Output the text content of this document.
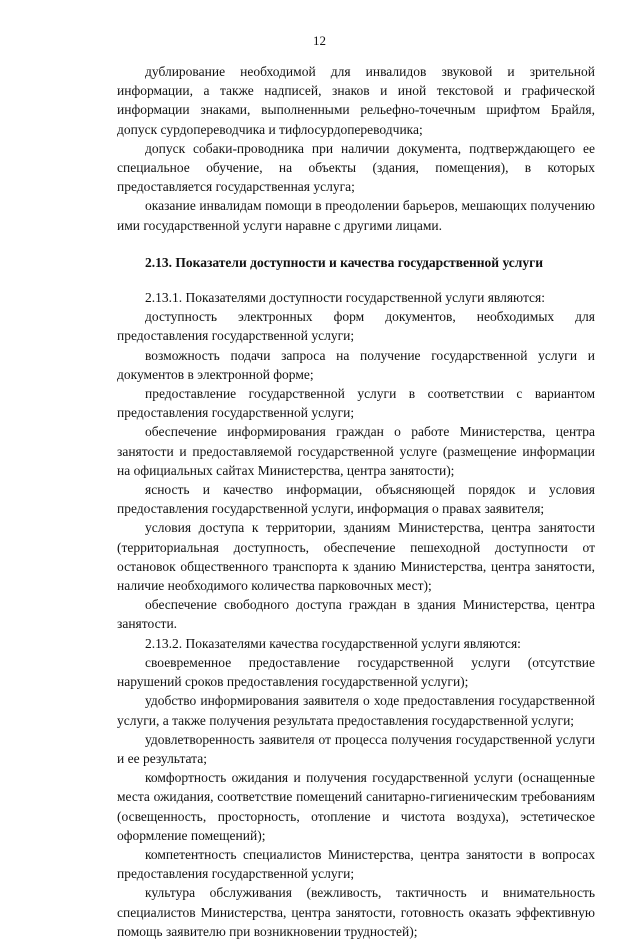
12

дублирование необходимой для инвалидов звуковой и зрительной информации, а также надписей, знаков и иной текстовой и графической информации знаками, выполненными рельефно-точечным шрифтом Брайля, допуск сурдопереводчика и тифлосурдопереводчика;

допуск собаки-проводника при наличии документа, подтверждающего ее специальное обучение, на объекты (здания, помещения), в которых предоставляется государственная услуга;

оказание инвалидам помощи в преодолении барьеров, мешающих получению ими государственной услуги наравне с другими лицами.

2.13. Показатели доступности и качества государственной услуги

2.13.1. Показателями доступности государственной услуги являются:

доступность электронных форм документов, необходимых для предоставления государственной услуги;

возможность подачи запроса на получение государственной услуги и документов в электронной форме;

предоставление государственной услуги в соответствии с вариантом предоставления государственной услуги;

обеспечение информирования граждан о работе Министерства, центра занятости и предоставляемой государственной услуге (размещение информации на официальных сайтах Министерства, центра занятости);

ясность и качество информации, объясняющей порядок и условия предоставления государственной услуги, информация о правах заявителя;

условия доступа к территории, зданиям Министерства, центра занятости (территориальная доступность, обеспечение пешеходной доступности от остановок общественного транспорта к зданию Министерства, центра занятости, наличие необходимого количества парковочных мест);

обеспечение свободного доступа граждан в здания Министерства, центра занятости.

2.13.2. Показателями качества государственной услуги являются:

своевременное предоставление государственной услуги (отсутствие нарушений сроков предоставления государственной услуги);

удобство информирования заявителя о ходе предоставления государственной услуги, а также получения результата предоставления государственной услуги;

удовлетворенность заявителя от процесса получения государственной услуги и ее результата;

комфортность ожидания и получения государственной услуги (оснащенные места ожидания, соответствие помещений санитарно-гигиеническим требованиям (освещенность, просторность, отопление и чистота воздуха), эстетическое оформление помещений);

компетентность специалистов Министерства, центра занятости в вопросах предоставления государственной услуги;

культура обслуживания (вежливость, тактичность и внимательность специалистов Министерства, центра занятости, готовность оказать эффективную помощь заявителю при возникновении трудностей);
